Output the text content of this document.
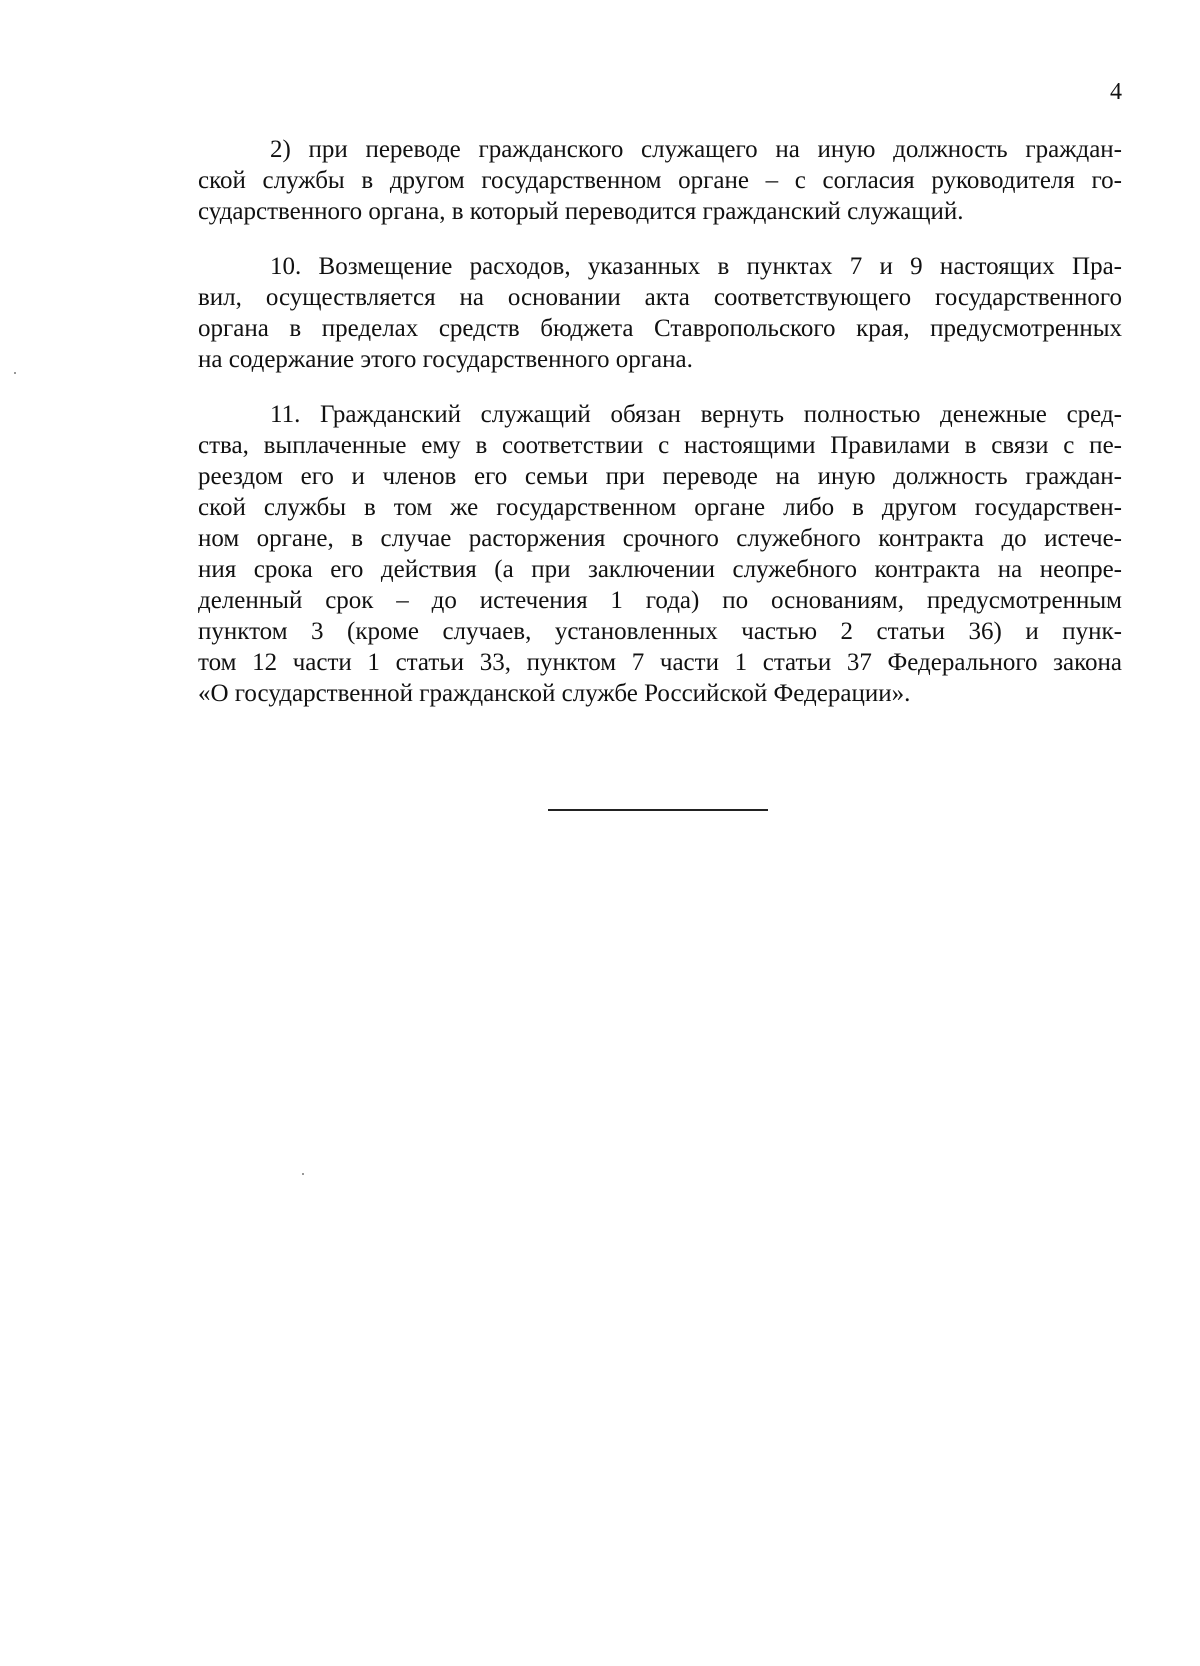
4
2) при переводе гражданского служащего на иную должность граждан-
ской службы в другом государственном органе – с согласия руководителя го-
сударственного органа, в который переводится гражданский служащий.
10. Возмещение расходов, указанных в пунктах 7 и 9 настоящих Пра-
вил, осуществляется на основании акта соответствующего государственного
органа в пределах средств бюджета Ставропольского края, предусмотренных
на содержание этого государственного органа.
11. Гражданский служащий обязан вернуть полностью денежные сред-
ства, выплаченные ему в соответствии с настоящими Правилами в связи с пе-
реездом его и членов его семьи при переводе на иную должность граждан-
ской службы в том же государственном органе либо в другом государствен-
ном органе, в случае расторжения срочного служебного контракта до истече-
ния срока его действия (а при заключении служебного контракта на неопре-
деленный срок – до истечения 1 года) по основаниям, предусмотренным
пунктом 3 (кроме случаев, установленных частью 2 статьи 36) и пунк-
том 12 части 1 статьи 33, пунктом 7 части 1 статьи 37 Федерального закона
«О государственной гражданской службе Российской Федерации».
